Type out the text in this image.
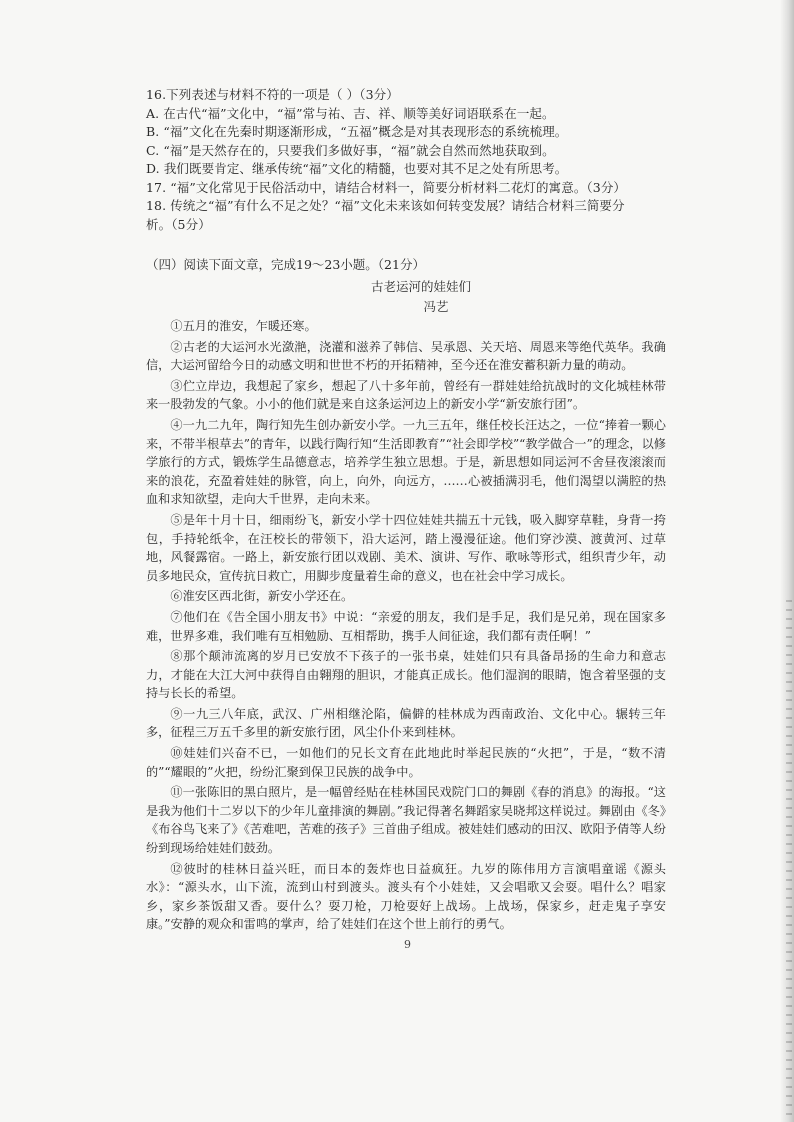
16.下列表述与材料不符的一项是（ ）（3分）
A. 在古代“福”文化中，“福”常与祐、吉、祥、顺等美好词语联系在一起。
B. “福”文化在先秦时期逐渐形成，“五福”概念是对其表现形态的系统梳理。
C. “福”是天然存在的，只要我们多做好事，“福”就会自然而然地获取到。
D. 我们既要肯定、继承传统“福”文化的精髓，也要对其不足之处有所思考。
17. “福”文化常见于民俗活动中，请结合材料一，简要分析材料二花灯的寓意。（3分）
18. 传统之“福”有什么不足之处？“福”文化未来该如何转变发展？请结合材料三简要分
析。（5分）
（四）阅读下面文章，完成19～23小题。（21分）
古老运河的娃娃们
冯艺

①五月的淮安，乍暖还寒。

②古老的大运河水光潋滟，浇灌和滋养了韩信、吴承恩、关天培、周恩来等绝代英华。我确信，大运河留给今日的动感文明和世世不朽的开拓精神，至今还在淮安蓄积新力量的萌动。

③伫立岸边，我想起了家乡，想起了八十多年前，曾经有一群娃娃给抗战时的文化城桂林带来一股勃发的气象。小小的他们就是来自这条运河边上的新安小学“新安旅行团”。

④一九二九年，陶行知先生创办新安小学。一九三五年，继任校长汪达之，一位“捧着一颗心来，不带半根草去”的青年，以践行陶行知“生活即教育”“社会即学校”“教学做合一”的理念，以修学旅行的方式，锻炼学生品德意志，培养学生独立思想。于是，新思想如同运河不舍昼夜滚滚而来的浪花，充盈着娃娃的脉管，向上，向外，向远方，……心被插满羽毛，他们渴望以满腔的热血和求知欲望，走向大千世界，走向未来。

⑤是年十月十日，细雨纷飞，新安小学十四位娃娃共揣五十元钱，吸入脚穿草鞋，身背一挎包，手持轮纸伞，在汪校长的带领下，沿大运河，踏上漫漫征途。他们穿沙漠、渡黄河、过草地，风餐露宿。一路上，新安旅行团以戏剧、美术、演讲、写作、歌咏等形式，组织青少年，动员多地民众，宣传抗日救亡，用脚步度量着生命的意义，也在社会中学习成长。

⑥淮安区西北街，新安小学还在。

⑦他们在《告全国小朋友书》中说：“亲爱的朋友，我们是手足，我们是兄弟，现在国家多难，世界多难，我们唯有互相勉励、互相帮助，携手人间征途，我们都有责任啊！”

⑧那个颠沛流离的岁月已安放不下孩子的一张书桌，娃娃们只有具备昂扬的生命力和意志力，才能在大江大河中获得自由翱翔的胆识，才能真正成长。他们湿润的眼睛，饱含着坚强的支持与长长的希望。

⑨一九三八年底，武汉、广州相继沦陷，偏僻的桂林成为西南政治、文化中心。辗转三年多，征程三万五千多里的新安旅行团，风尘仆仆来到桂林。

⑩娃娃们兴奋不已，一如他们的兄长文育在此地此时举起民族的“火把”，于是，“数不清的”“耀眼的”火把，纷纷汇聚到保卫民族的战争中。

⑪一张陈旧的黑白照片，是一幅曾经贴在桂林国民戏院门口的舞剧《春的消息》的海报。“这是我为他们十二岁以下的少年儿童排演的舞剧。”我记得著名舞蹈家吴晓邦这样说过。舞剧由《冬》《布谷鸟飞来了》《苦难吧，苦难的孩子》三首曲子组成。被娃娃们感动的田汉、欧阳予倩等人纷纷到现场给娃娃们鼓劲。

⑫彼时的桂林日益兴旺，而日本的轰炸也日益疯狂。九岁的陈伟用方言演唱童谣《源头水》：“源头水，山下流，流到山村到渡头。渡头有个小娃娃，又会唱歌又会耍。唱什么？唱家乡，家乡茶饭甜又香。耍什么？耍刀枪，刀枪耍好上战场。上战场，保家乡，赶走鬼子享安康。”安静的观众和雷鸣的掌声，给了娃娃们在这个世上前行的勇气。

9
